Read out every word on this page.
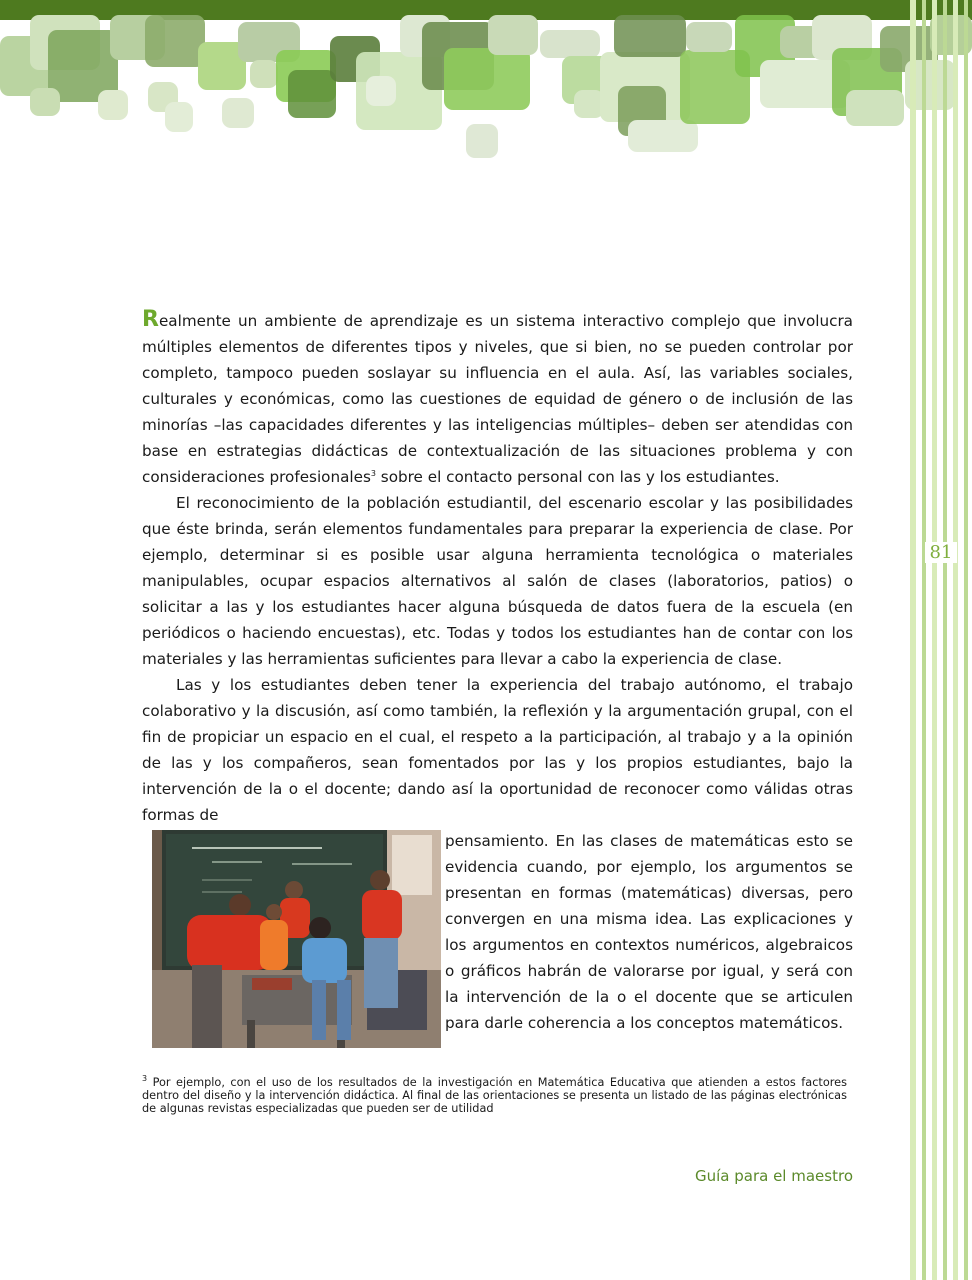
81

Realmente un ambiente de aprendizaje es un sistema interactivo complejo que involucra múltiples elementos de diferentes tipos y niveles, que si bien, no se pueden controlar por completo, tampoco pueden soslayar su influencia en el aula. Así, las variables sociales, culturales y económicas, como las cuestiones de equidad de género o de inclusión de las minorías –las capacidades diferentes y las inteligencias múltiples– deben ser atendidas con base en estrategias didácticas de contextualización de las situaciones problema y con consideraciones profesionales$^3$ sobre el contacto personal con las y los estudiantes.

El reconocimiento de la población estudiantil, del escenario escolar y las posibilidades que éste brinda, serán elementos fundamentales para preparar la experiencia de clase. Por ejemplo, determinar si es posible usar alguna herramienta tecnológica o materiales manipulables, ocupar espacios alternativos al salón de clases (laboratorios, patios) o solicitar a las y los estudiantes hacer alguna búsqueda de datos fuera de la escuela (en periódicos o haciendo encuestas), etc. Todas y todos los estudiantes han de contar con los materiales y las herramientas suficientes para llevar a cabo la experiencia de clase.

Las y los estudiantes deben tener la experiencia del trabajo autónomo, el trabajo colaborativo y la discusión, así como también, la reflexión y la argumentación grupal, con el fin de propiciar un espacio en el cual, el respeto a la participación, al trabajo y a la opinión de las y los compañeros, sean fomentados por las y los propios estudiantes, bajo la intervención de la o el docente; dando así la oportunidad de reconocer como válidas otras formas de

pensamiento. En las clases de matemáticas esto se evidencia cuando, por ejemplo, los argumentos se presentan en formas (matemáticas) diversas, pero convergen en una misma idea. Las explicaciones y los argumentos en contextos numéricos, algebraicos o gráficos habrán de valorarse por igual, y será con la intervención de la o el docente que se articulen para darle coherencia a los conceptos matemáticos.

$^3$ Por ejemplo, con el uso de los resultados de la investigación en Matemática Educativa que atienden a estos factores dentro del diseño y la intervención didáctica. Al final de las orientaciones se presenta un listado de las páginas electrónicas de algunas revistas especializadas que pueden ser de utilidad
Guía para el maestro
